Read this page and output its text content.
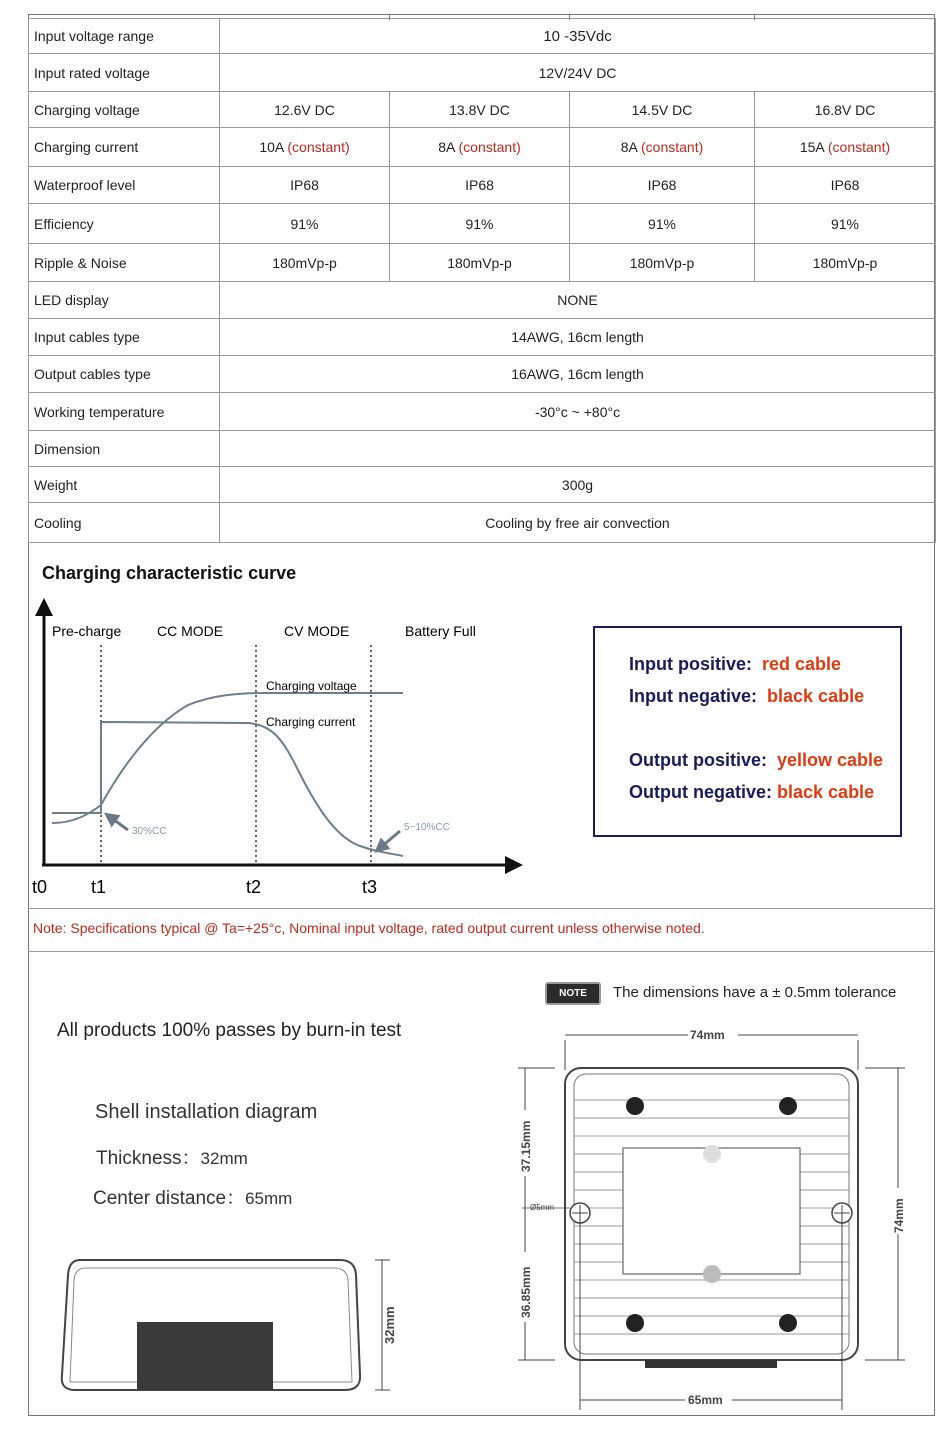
Input voltage range	10 -35Vdc			
Input rated voltage	12V/24V DC			
Charging voltage	12.6V DC	13.8V DC	14.5V DC	16.8V DC
Charging current	10A (constant)	8A (constant)	8A (constant)	15A (constant)
Waterproof level	IP68	IP68	IP68	IP68
Efficiency	91%	91%	91%	91%
Ripple & Noise	180mVp-p	180mVp-p	180mVp-p	180mVp-p
LED display	NONE			
Input cables type	14AWG, 16cm length			
Output cables type	16AWG, 16cm length			
Working temperature	-30°c ~ +80°c			
Dimension				
Weight	300g			
Cooling	Cooling by free air convection			
Charging characteristic curve
Pre-charge	CC MODE	CV MODE	Battery Full
Charging voltage
Charging current
30%CC	5~10%CC
t0 t1	t2	t3
Input positive: red cable
Input negative: black cable
Output positive: yellow cable
Output negative: black cable
Note: Specifications typical @ Ta=+25°c, Nominal input voltage, rated output current unless otherwise noted.
NOTE	The dimensions have a ± 0.5mm tolerance
All products 100% passes by burn-in test
Shell installation diagram
Thickness：32mm
Center distance：65mm
32mm
74mm
Ø5mm
37.15mm
36.85mm
74mm
65mm
